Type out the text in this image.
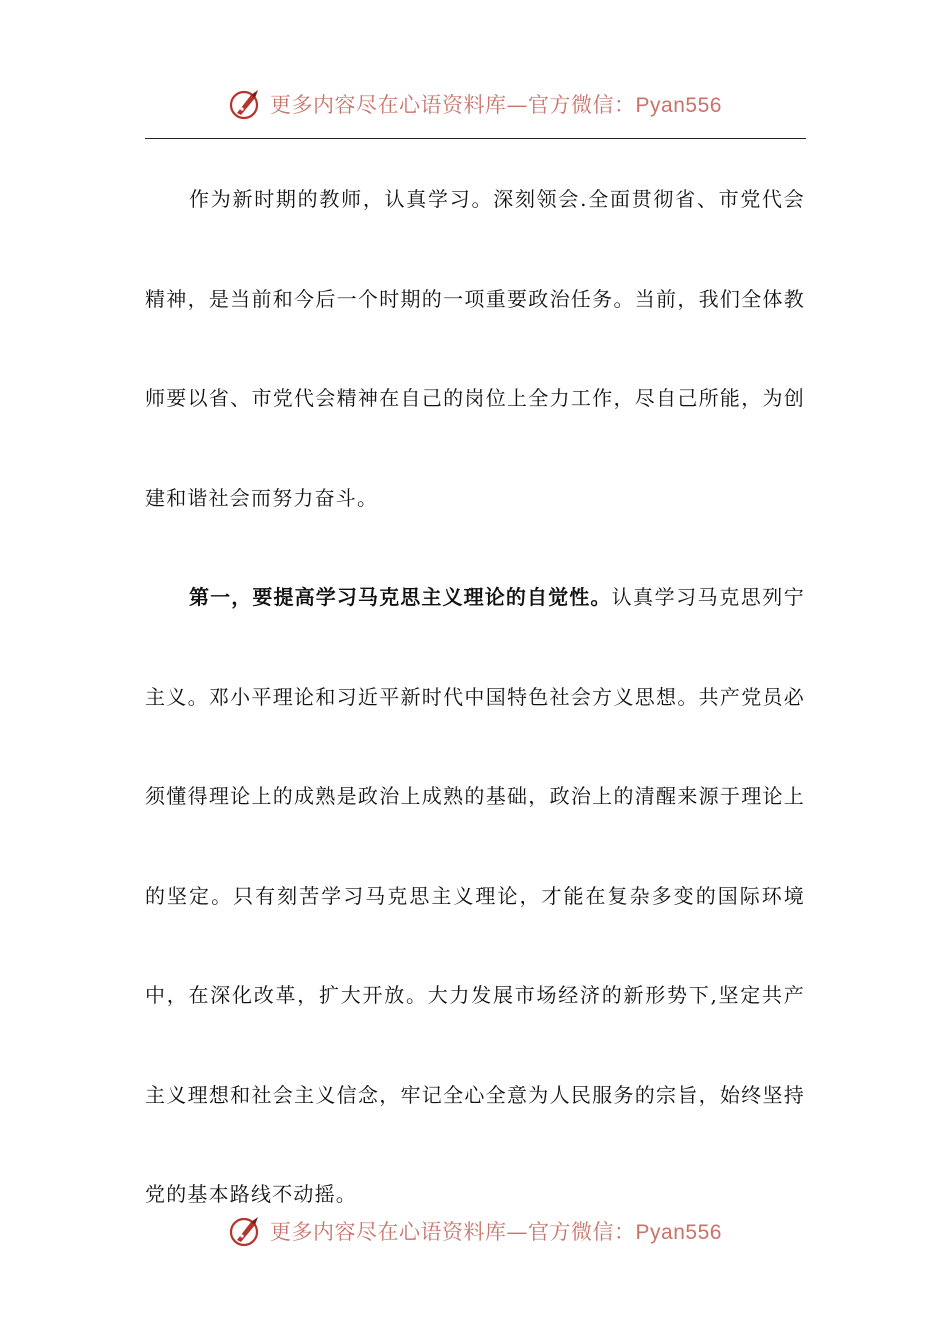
更多内容尽在心语资料库—官方微信：Pyan556

作为新时期的教师，认真学习。深刻领会.全面贯彻省、市党代会精神，是当前和今后一个时期的一项重要政治任务。当前，我们全体教师要以省、市党代会精神在自己的岗位上全力工作，尽自己所能，为创建和谐社会而努力奋斗。

第一，要提高学习马克思主义理论的自觉性。认真学习马克思列宁主义。邓小平理论和习近平新时代中国特色社会方义思想。共产党员必须懂得理论上的成熟是政治上成熟的基础，政治上的清醒来源于理论上的坚定。只有刻苦学习马克思主义理论，才能在复杂多变的国际环境中，在深化改革，扩大开放。大力发展市场经济的新形势下,坚定共产主义理想和社会主义信念，牢记全心全意为人民服务的宗旨，始终坚持党的基本路线不动摇。

更多内容尽在心语资料库—官方微信：Pyan556
